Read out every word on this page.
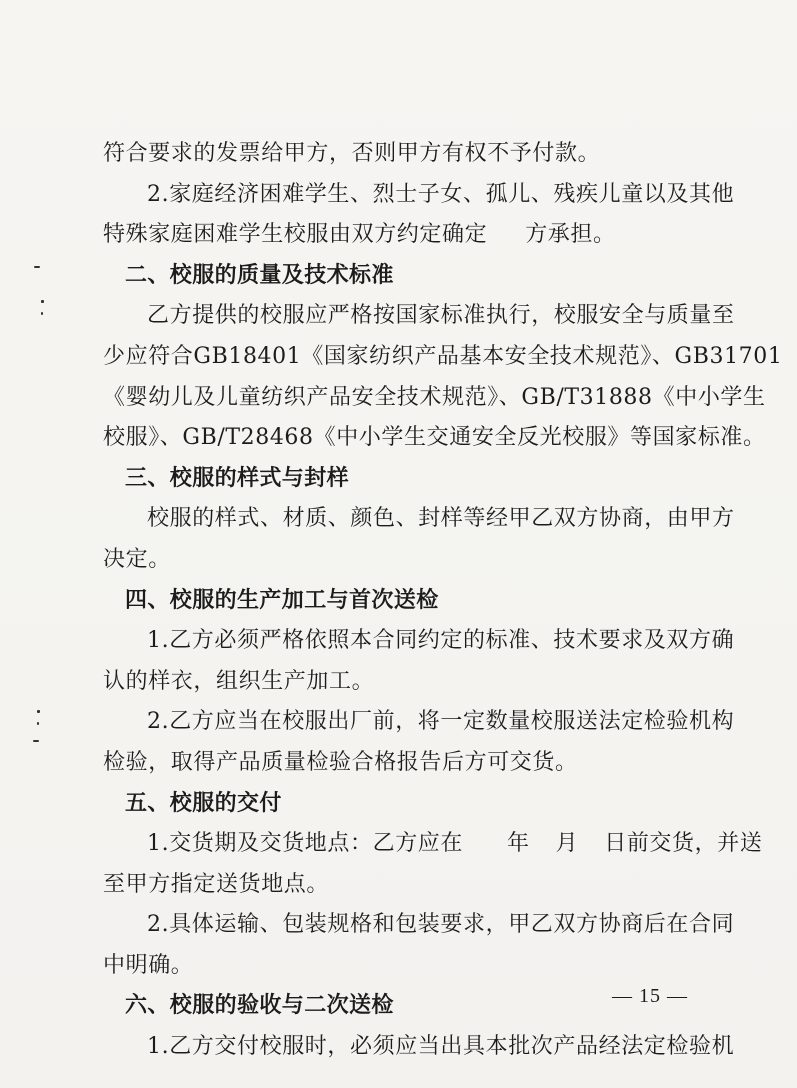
符合要求的发票给甲方，否则甲方有权不予付款。
2.家庭经济困难学生、烈士子女、孤儿、残疾儿童以及其他
特殊家庭困难学生校服由双方约定确定 方承担。
二、校服的质量及技术标准
乙方提供的校服应严格按国家标准执行，校服安全与质量至
少应符合GB18401《国家纺织产品基本安全技术规范》、GB31701
《婴幼儿及儿童纺织产品安全技术规范》、GB/T31888《中小学生
校服》、GB/T28468《中小学生交通安全反光校服》等国家标准。
三、校服的样式与封样
校服的样式、材质、颜色、封样等经甲乙双方协商，由甲方
决定。
四、校服的生产加工与首次送检
1.乙方必须严格依照本合同约定的标准、技术要求及双方确
认的样衣，组织生产加工。
2.乙方应当在校服出厂前，将一定数量校服送法定检验机构
检验，取得产品质量检验合格报告后方可交货。
五、校服的交付
1.交货期及交货地点：乙方应在 年 月 日前交货，并送
至甲方指定送货地点。
2.具体运输、包装规格和包装要求，甲乙双方协商后在合同
中明确。
六、校服的验收与二次送检
1.乙方交付校服时，必须应当出具本批次产品经法定检验机
— 15 —
